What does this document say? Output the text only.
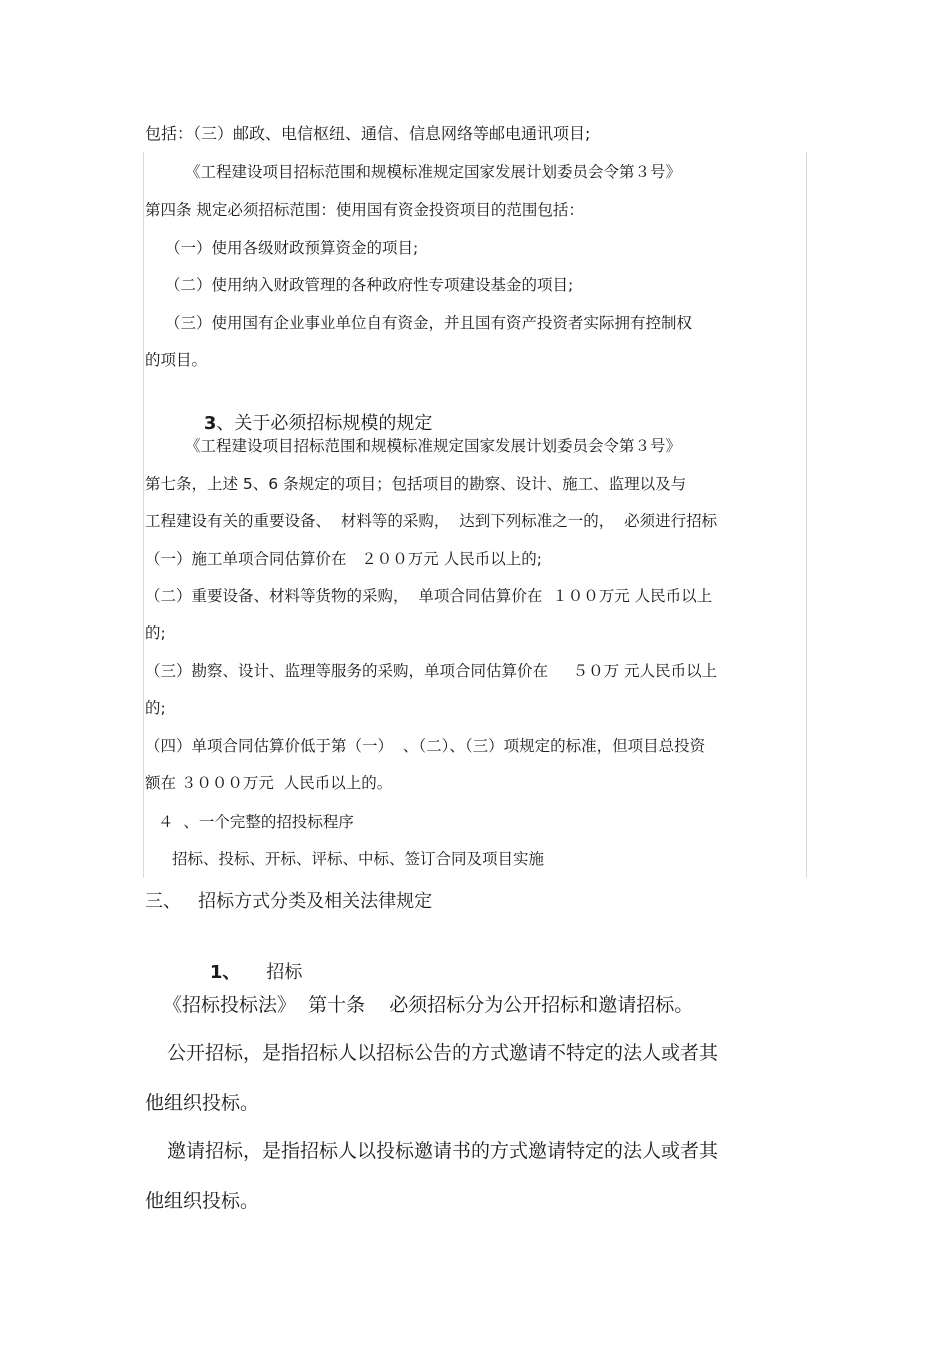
包括：（三）邮政、电信枢纽、通信、信息网络等邮电通讯项目;
《工程建设项目招标范围和规模标准规定国家发展计划委员会令第３号》
第四条 规定必须招标范围：使用国有资金投资项目的范围包括：
（一）使用各级财政预算资金的项目;
（二）使用纳入财政管理的各种政府性专项建设基金的项目;
（三）使用国有企业事业单位自有资金，并且国有资产投资者实际拥有控制权
的项目。

3、关于必须招标规模的规定

《工程建设项目招标范围和规模标准规定国家发展计划委员会令第３号》
第七条，上述 5、6 条规定的项目；包括项目的勘察、设计、施工、监理以及与
工程建设有关的重要设备、  材料等的采购，  达到下列标准之一的，  必须进行招标
（一）施工单项合同估算价在   ２００万元 人民币以上的;
（二）重要设备、材料等货物的采购，  单项合同估算价在  １００万元 人民币以上
的;
（三）勘察、设计、监理等服务的采购，单项合同估算价在     ５０万 元人民币以上
的;
（四）单项合同估算价低于第（一）  、（二）、（三）项规定的标准，但项目总投资
额在 ３０００万元  人民币以上的。
４  、一个完整的招投标程序
招标、投标、开标、评标、中标、签订合同及项目实施
三、   招标方式分类及相关法律规定

1、 招标

《招标投标法》  第十条    必须招标分为公开招标和邀请招标。
公开招标，是指招标人以招标公告的方式邀请不特定的法人或者其
他组织投标。
邀请招标，是指招标人以投标邀请书的方式邀请特定的法人或者其
他组织投标。
